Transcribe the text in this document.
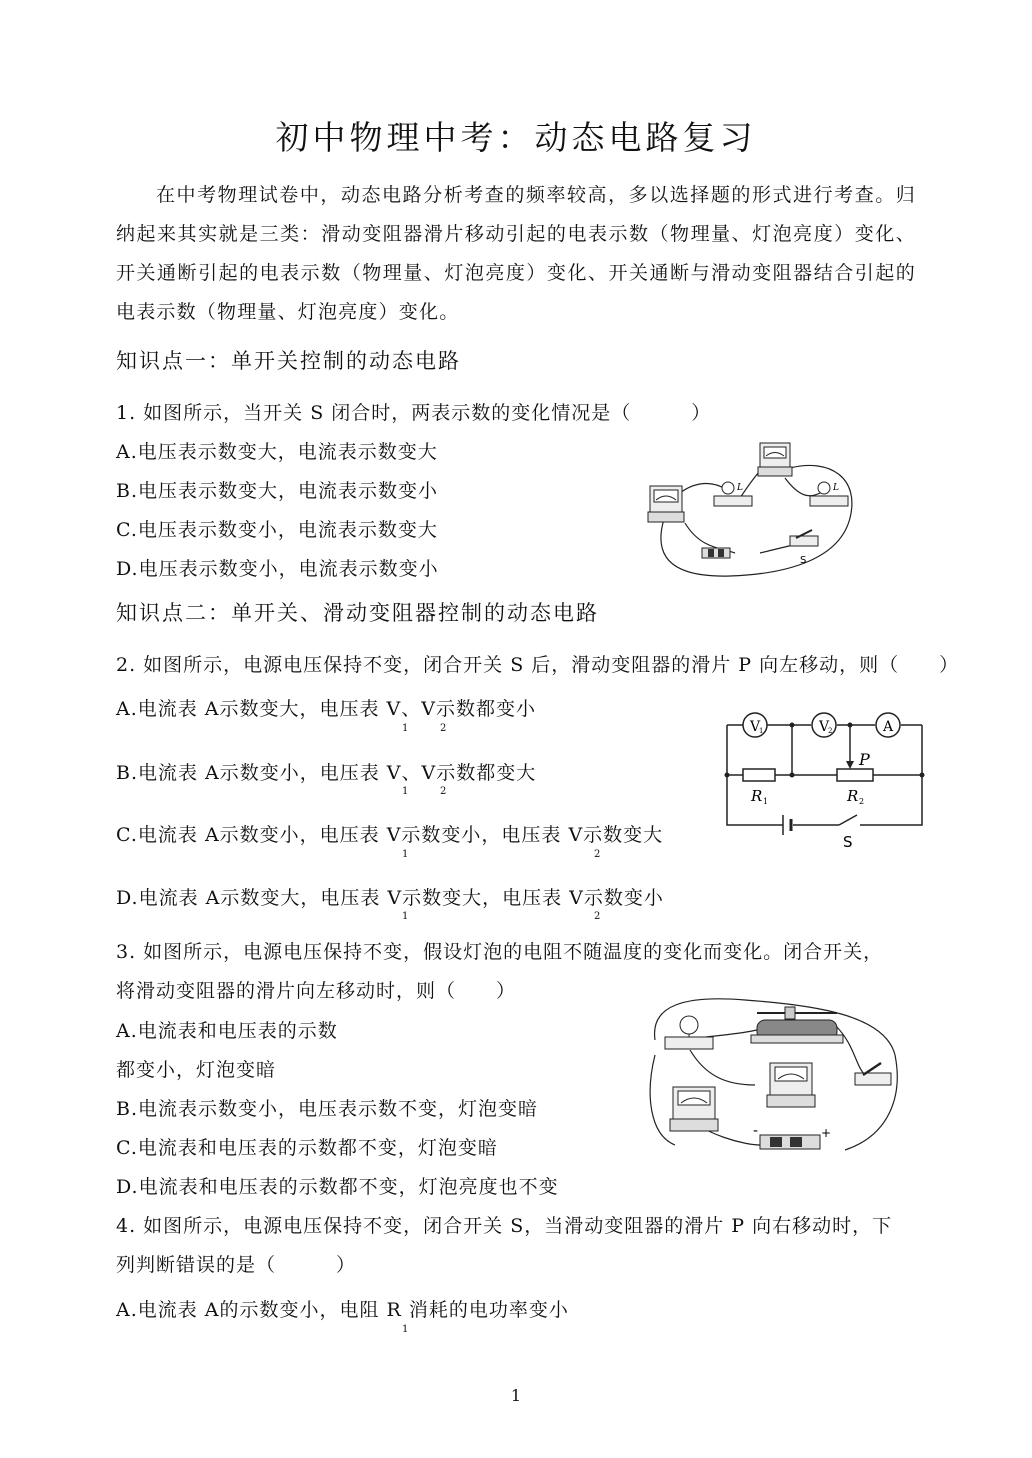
初中物理中考：动态电路复习
在中考物理试卷中，动态电路分析考查的频率较高，多以选择题的形式进行考查。归纳起来其实就是三类：滑动变阻器滑片移动引起的电表示数（物理量、灯泡亮度）变化、开关通断引起的电表示数（物理量、灯泡亮度）变化、开关通断与滑动变阻器结合引起的电表示数（物理量、灯泡亮度）变化。
知识点一：单开关控制的动态电路
1. 如图所示，当开关 S 闭合时，两表示数的变化情况是（　　　）
A.电压表示数变大，电流表示数变大
B.电压表示数变大，电流表示数变小
C.电压表示数变小，电流表示数变大
D.电压表示数变小，电流表示数变小
L	L
S
知识点二：单开关、滑动变阻器控制的动态电路
2. 如图所示，电源电压保持不变，闭合开关 S 后，滑动变阻器的滑片 P 向左移动，则（　　）
A.电流表 A示数变大，电压表 V、V示数都变小
1	2
B.电流表 A示数变小，电压表 V、V示数都变大
1	2
C.电流表 A示数变小，电压表 V示数变小，电压表 V示数变大
1	2
D.电流表 A示数变大，电压表 V示数变大，电压表 V示数变小
1	2
V
1	V
2	A
P
R 1	R 2
S
3. 如图所示，电源电压保持不变，假设灯泡的电阻不随温度的变化而变化。闭合开关，
将滑动变阻器的滑片向左移动时，则（　　）
A.电流表和电压表的示数
都变小，灯泡变暗
B.电流表示数变小，电压表示数不变，灯泡变暗
C.电流表和电压表的示数都不变，灯泡变暗
D.电流表和电压表的示数都不变，灯泡亮度也不变
-	+
4. 如图所示，电源电压保持不变，闭合开关 S，当滑动变阻器的滑片 P 向右移动时，下
列判断错误的是（　　　）
A.电流表 A的示数变小，电阻 R 消耗的电功率变小
1
1
